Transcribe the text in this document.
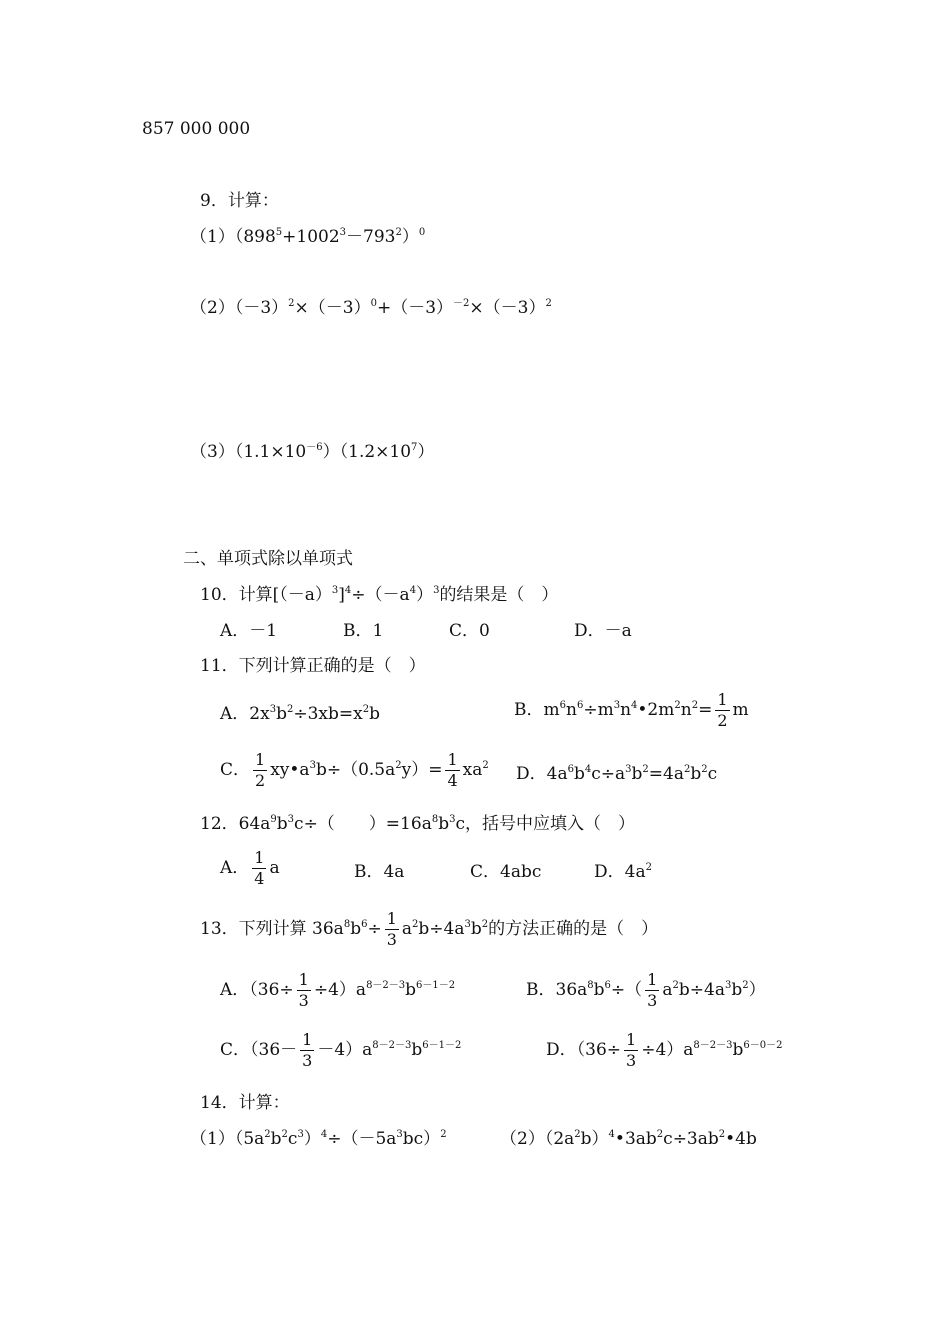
857 000 000
9．计算：
$(1)(898^5+1002^3-793^2)^0$
$(2)(-3)^2\times(-3)^0+(-3)^{-2}\times(-3)^2$
$(3)(1.1\times 10^{-6})(1.2\times 10^7)$
二、单项式除以单项式
10．计算$[(-a)^3]^4\div(-a^4)^3$的结果是（　）
A．－1	B．1	C．0	D．－a
11．下列计算正确的是（　）
A．$2x^3b^2\div 3xb=x^2b$	B．$m^6n^6\div m^3n^4•2m^2n^2= \frac{1}{2}$ m
C． $\frac{1}{2}$ $xy•a^3b\div(0.5a^2y)= \frac{1}{4} xa^2$ D．$4a^6b^4c\div a^3b^2=4a^2b^2c$
12．$64a^9b^3c\div$（　　）$=16a^8b^3c$，括号中应填入（　）
A． $\frac{1}{4}$ a	B．4a	C．4abc	D．$4a^2$
13．下列计算 $36a^8b^6\div \frac{1}{3} a^2b\div 4a^3b^2$的方法正确的是（　）
A．$(36\div \frac{1}{3} \div 4)a^{8-2-3}b^{6-1-2}$	B．$36a^8b^6\div( \frac{1}{3} a^2b\div 4a^3b^2)$
C．$(36- \frac{1}{3} -4)a^{8-2-3}b^{6-1-2}$	D．$(36\div \frac{1}{3} \div 4)a^{8-2-3}b^{6-0-2}$
14．计算：
$(1)(5a^2b^2c^3)^4\div(-5a^3bc)^2$	$(2)(2a^2b)^4•3ab^2c\div 3ab^2•4b$
